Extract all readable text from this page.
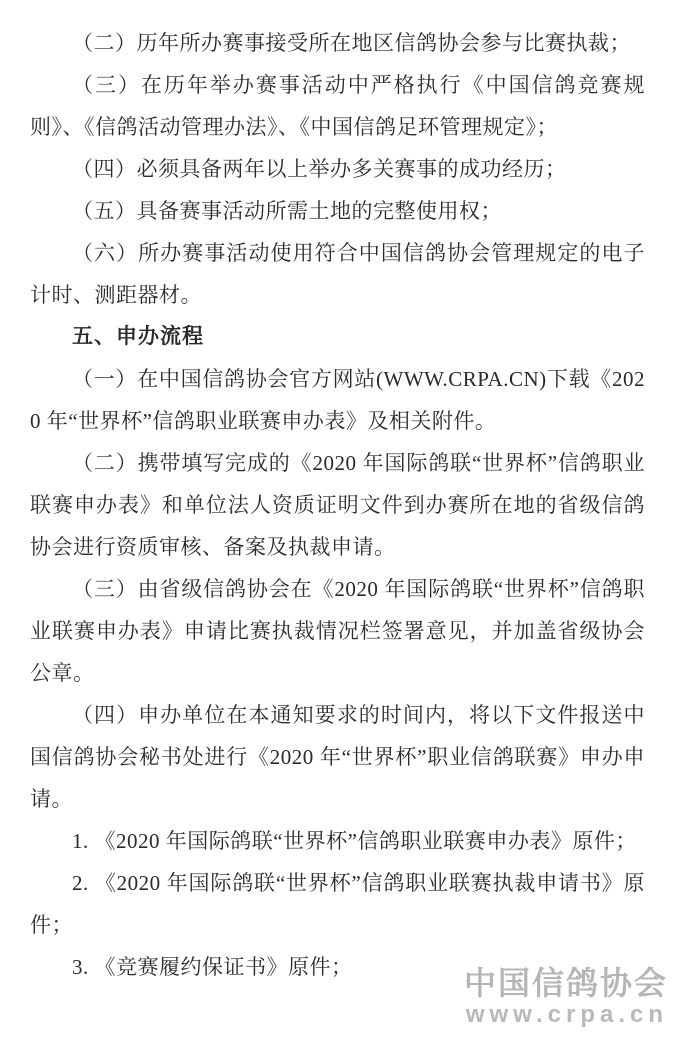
（二）历年所办赛事接受所在地区信鸽协会参与比赛执裁；

（三）在历年举办赛事活动中严格执行《中国信鸽竞赛规则》、《信鸽活动管理办法》、《中国信鸽足环管理规定》；

（四）必须具备两年以上举办多关赛事的成功经历；

（五）具备赛事活动所需土地的完整使用权；

（六）所办赛事活动使用符合中国信鸽协会管理规定的电子计时、测距器材。

五、申办流程

（一）在中国信鸽协会官方网站(WWW.CRPA.CN)下载《2020 年“世界杯”信鸽职业联赛申办表》及相关附件。

（二）携带填写完成的《2020 年国际鸽联“世界杯”信鸽职业联赛申办表》和单位法人资质证明文件到办赛所在地的省级信鸽协会进行资质审核、备案及执裁申请。

（三）由省级信鸽协会在《2020 年国际鸽联“世界杯”信鸽职业联赛申办表》申请比赛执裁情况栏签署意见，并加盖省级协会公章。

（四）申办单位在本通知要求的时间内，将以下文件报送中国信鸽协会秘书处进行《2020 年“世界杯”职业信鸽联赛》申办申请。

1. 《2020 年国际鸽联“世界杯”信鸽职业联赛申办表》原件；

2. 《2020 年国际鸽联“世界杯”信鸽职业联赛执裁申请书》原件；

3. 《竞赛履约保证书》原件；	中国信鸽协会
www.crpa.cn
